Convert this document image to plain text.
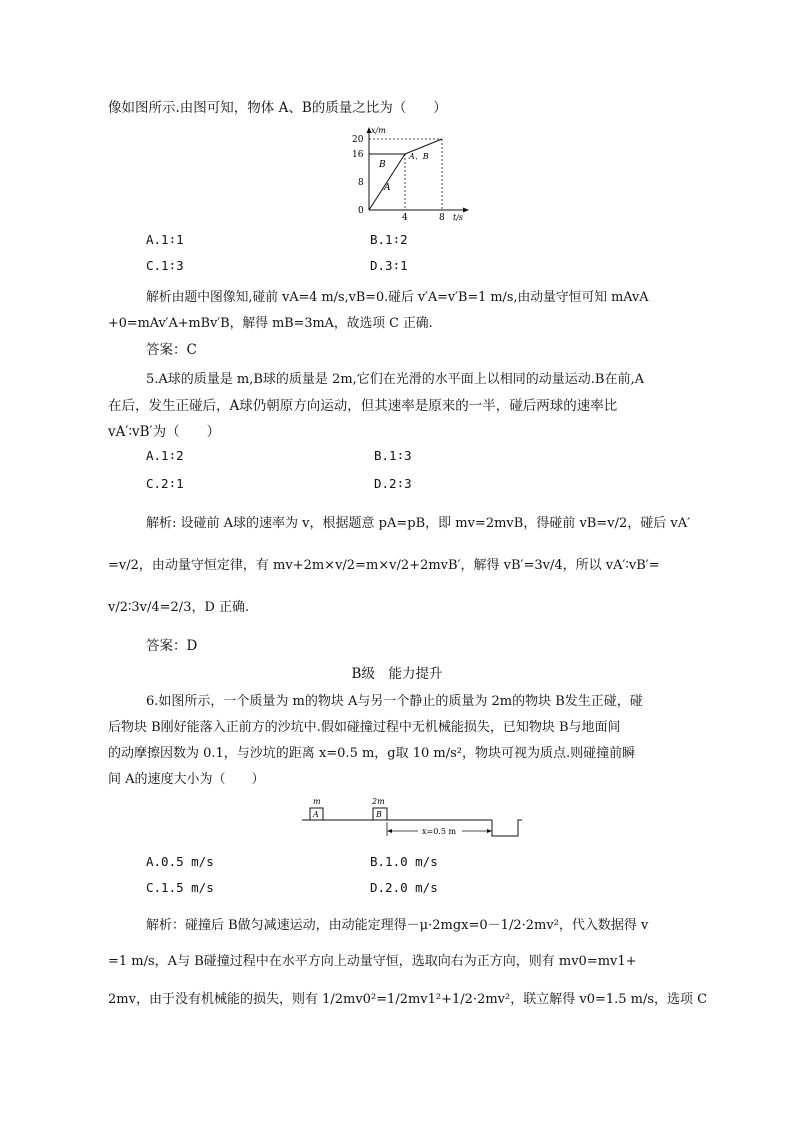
像如图所示.由图可知，物体 A、B的质量之比为（　　）
x/m
20
16
8
0
4	8 t/s
B
A
A、B
A.1∶1	B.1∶2
C.1∶3	D.3∶1
解析由题中图像知,碰前 vA=4 m/s,vB=0.碰后 v′A=v′B=1 m/s,由动量守恒可知 mAvA
+0=mAv′A+mBv′B，解得 mB=3mA，故选项 C 正确.
答案：C
5.A球的质量是 m,B球的质量是 2m,它们在光滑的水平面上以相同的动量运动.B在前,A
在后，发生正碰后，A球仍朝原方向运动，但其速率是原来的一半，碰后两球的速率比
vA′∶vB′为（　　）
A.1∶2	B.1∶3
C.2∶1	D.2∶3
解析: 设碰前 A球的速率为 v，根据题意 pA=pB，即 mv=2mvB，得碰前 vB=v/2，碰后 vA′
=v/2，由动量守恒定律，有 mv+2m×v/2=m×v/2+2mvB′，解得 vB′=3v/4，所以 vA′∶vB′=
v/2∶3v/4=2/3，D 正确.
答案：D
B级　能力提升
6.如图所示，一个质量为 m的物块 A与另一个静止的质量为 2m的物块 B发生正碰，碰
后物块 B刚好能落入正前方的沙坑中.假如碰撞过程中无机械能损失，已知物块 B与地面间
的动摩擦因数为 0.1，与沙坑的距离 x=0.5 m，g取 10 m/s²，物块可视为质点.则碰撞前瞬
间 A的速度大小为（　　）
A
m
B
2m
x=0.5 m
A.0.5 m/s	B.1.0 m/s
C.1.5 m/s	D.2.0 m/s
解析：碰撞后 B做匀减速运动，由动能定理得－μ·2mgx=0－1/2·2mv²，代入数据得 v
=1 m/s，A与 B碰撞过程中在水平方向上动量守恒，选取向右为正方向，则有 mv0=mv1+
2mv，由于没有机械能的损失，则有 1/2mv0²=1/2mv1²+1/2·2mv²，联立解得 v0=1.5 m/s，选项 C
